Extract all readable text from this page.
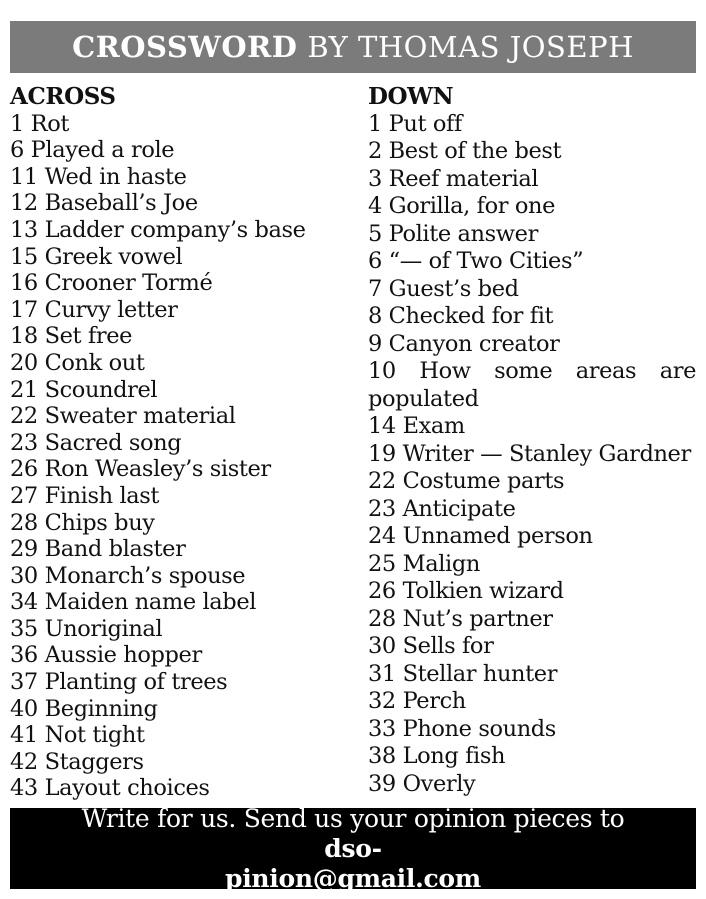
CROSSWORD BY THOMAS JOSEPH
ACROSS
1 Rot
6 Played a role
11 Wed in haste
12 Baseball’s Joe
13 Ladder company’s base
15 Greek vowel
16 Crooner Tormé
17 Curvy letter
18 Set free
20 Conk out
21 Scoundrel
22 Sweater material
23 Sacred song
26 Ron Weasley’s sister
27 Finish last
28 Chips buy
29 Band blaster
30 Monarch’s spouse
34 Maiden name label
35 Unoriginal
36 Aussie hopper
37 Planting of trees
40 Beginning
41 Not tight
42 Staggers
43 Layout choices
DOWN
1 Put off
2 Best of the best
3 Reef material
4 Gorilla, for one
5 Polite answer
6 “— of Two Cities”
7 Guest’s bed
8 Checked for fit
9 Canyon creator
10 How some areas are populated
14 Exam
19 Writer — Stanley Gardner
22 Costume parts
23 Anticipate
24 Unnamed person
25 Malign
26 Tolkien wizard
28 Nut’s partner
30 Sells for
31 Stellar hunter
32 Perch
33 Phone sounds
38 Long fish
39 Overly
Write for us. Send us your opinion pieces to dso-
pinion@gmail.com
